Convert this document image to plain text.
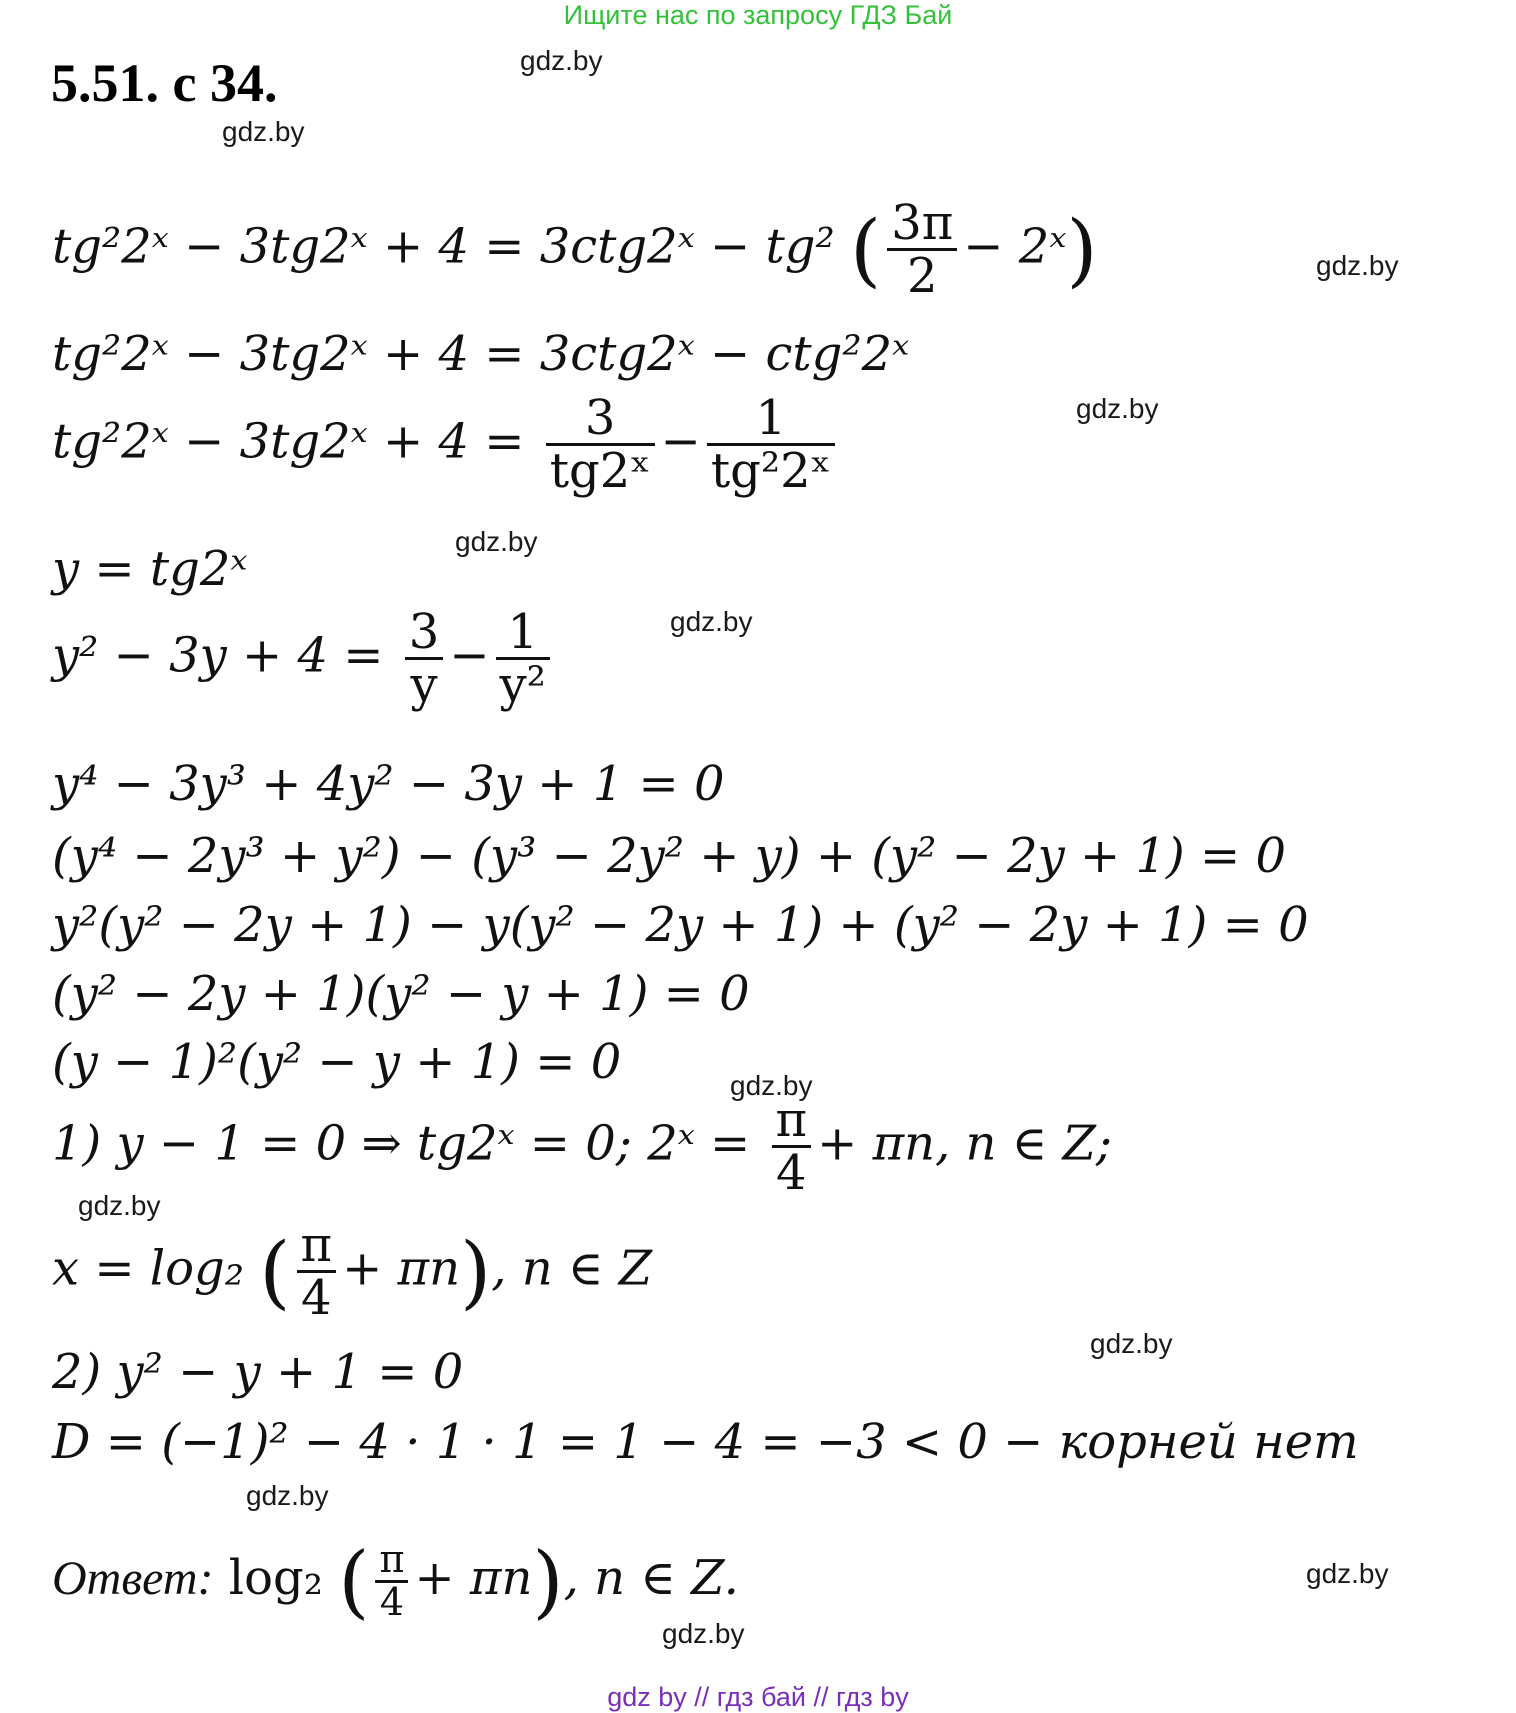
Ищите нас по запросу ГДЗ Бай
5.51. с 34.	gdz.by
gdz.by
gdz.by
gdz.by
gdz.by
gdz.by
gdz.by
gdz.by
gdz.by
gdz.by
gdz.by
gdz.by
tg²2ˣ − 3tg2ˣ + 4 = 3ctg2ˣ − tg² ( $\frac{3\pi}{2}$ − 2ˣ)
tg²2ˣ − 3tg2ˣ + 4 = 3ctg2ˣ − ctg²2ˣ
tg²2ˣ − 3tg2ˣ + $4 = \frac{3}{\text{tg2ˣ}} - \frac{1}{\text{tg²2ˣ}}$
y = tg2ˣ
$y^2 - 3y + 4 = \frac{3}{y} - \frac{1}{\text{y²}}$
y⁴ − 3y³ + 4y² − 3y + 1 = 0
(y⁴ − 2y³ + y²) − (y³ − 2y² + y) + (y² − 2y + 1) = 0
y²(y² − 2y + 1) − y(y² − 2y + 1) + (y² − 2y + 1) = 0
(y² − 2y + 1)(y² − y + 1) = 0
(y − 1)²(y² − y + 1) = 0
1) y − 1 = 0 ⇒ tg2ˣ = 0; 2ˣ = $\frac{\pi}{4} + \pi n$, n ∈ Z;
x = log₂ ( $\frac{\pi}{4} + \pi n$), n ∈ Z
2) y² − y + 1 = 0
D = (−1)² − 4 · 1 · 1 = 1 − 4 = −3 < 0 − корней нет
Ответ: log₂ ( $\frac{\pi}{4} + \pi n$), n ∈ Z.
gdz by // гдз бай // гдз by
